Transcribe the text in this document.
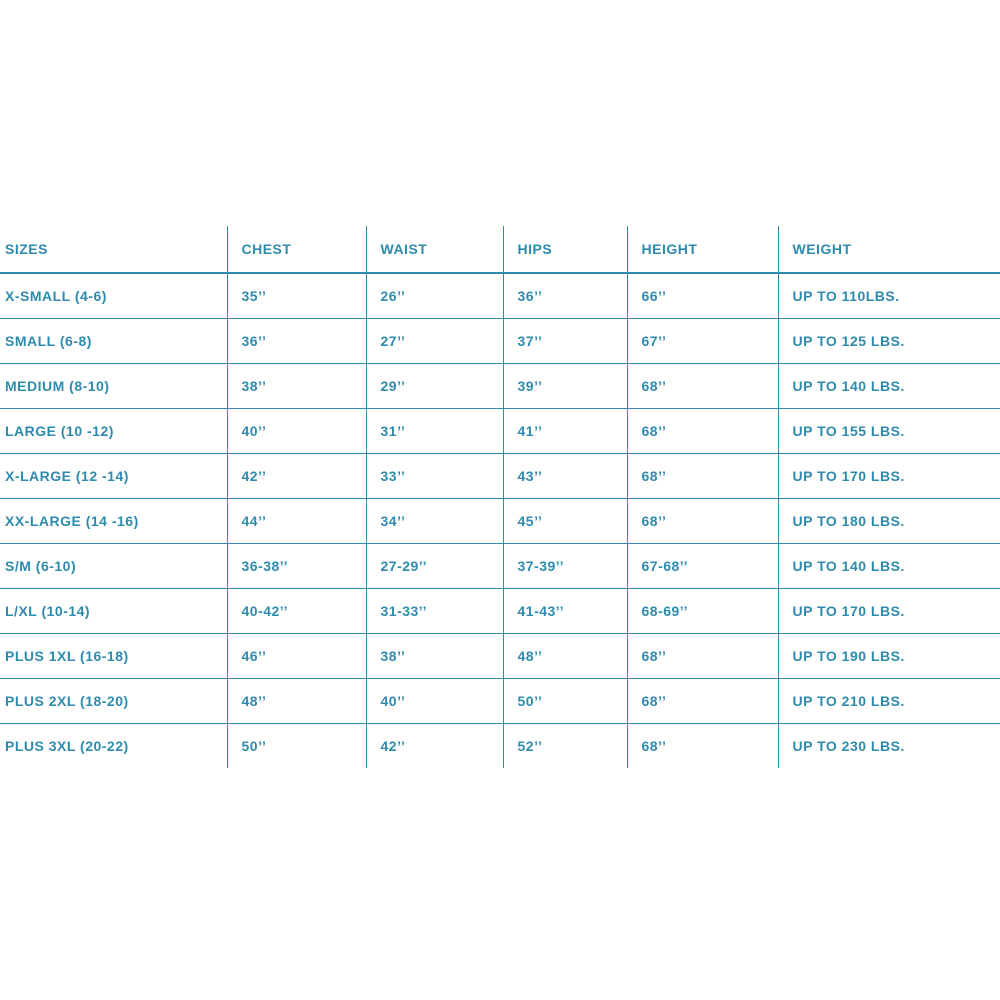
SIZES	CHEST	WAIST	HIPS	HEIGHT	WEIGHT
X-SMALL (4-6)	35’’	26’’	36’’	66’’	UP TO 110LBS.
SMALL (6-8)	36’’	27’’	37’’	67’’	UP TO 125 LBS.
MEDIUM (8-10)	38’’	29’’	39’’	68’’	UP TO 140 LBS.
LARGE (10 -12)	40’’	31’’	41’’	68’’	UP TO 155 LBS.
X-LARGE (12 -14)	42’’	33’’	43’’	68’’	UP TO 170 LBS.
XX-LARGE (14 -16)	44’’	34’’	45’’	68’’	UP TO 180 LBS.
S/M (6-10)	36-38’’	27-29’’	37-39’’	67-68’’	UP TO 140 LBS.
L/XL (10-14)	40-42’’	31-33’’	41-43’’	68-69’’	UP TO 170 LBS.
PLUS 1XL (16-18)	46’’	38’’	48’’	68’’	UP TO 190 LBS.
PLUS 2XL (18-20)	48’’	40’’	50’’	68’’	UP TO 210 LBS.
PLUS 3XL (20-22)	50’’	42’’	52’’	68’’	UP TO 230 LBS.
